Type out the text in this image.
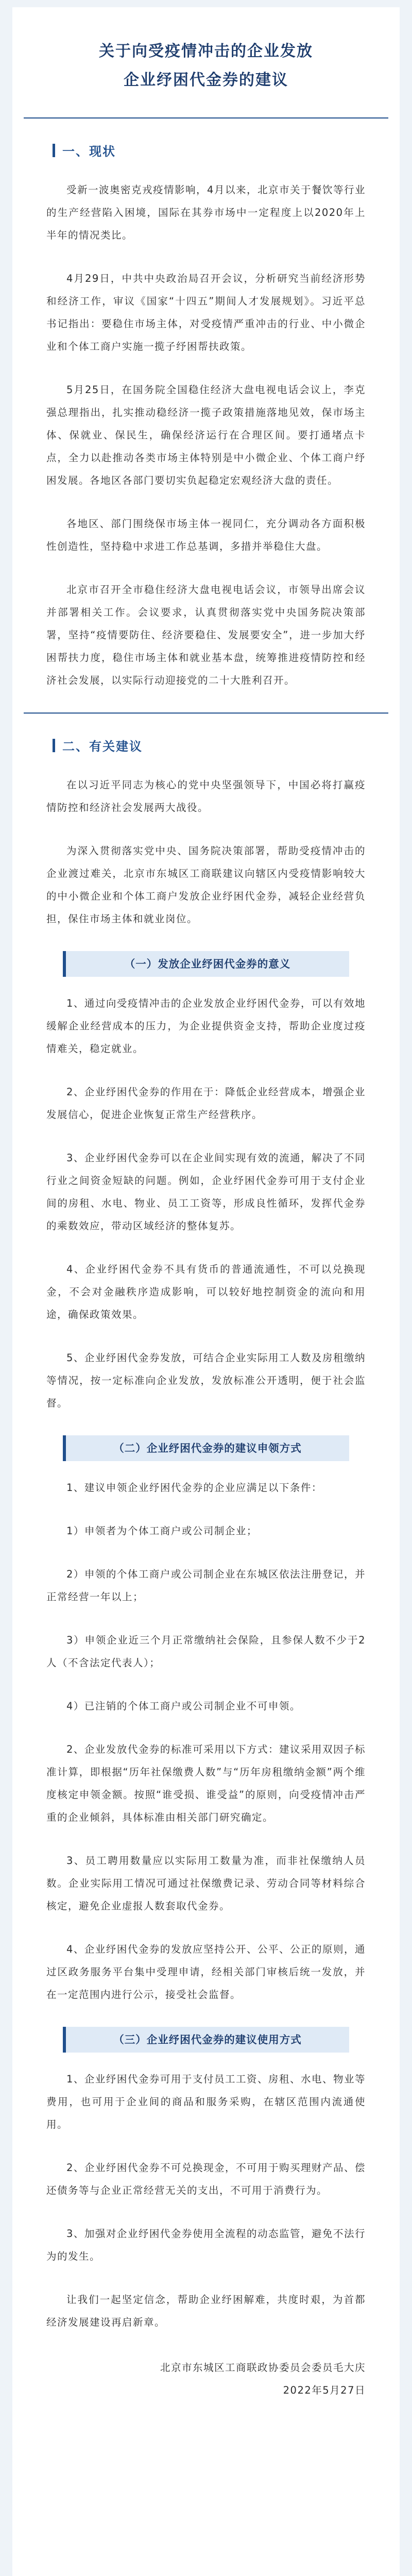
关于向受疫情冲击的企业发放
企业纾困代金券的建议
一、现状

受新一波奥密克戎疫情影响，4月以来，北京市关于餐饮等行业的生产经营陷入困境，国际在其券市场中一定程度上以2020年上半年的情况类比。

4月29日，中共中央政治局召开会议，分析研究当前经济形势和经济工作，审议《国家“十四五”期间人才发展规划》。习近平总书记指出：要稳住市场主体，对受疫情严重冲击的行业、中小微企业和个体工商户实施一揽子纾困帮扶政策。

5月25日，在国务院全国稳住经济大盘电视电话会议上，李克强总理指出，扎实推动稳经济一揽子政策措施落地见效，保市场主体、保就业、保民生，确保经济运行在合理区间。要打通堵点卡点，全力以赴推动各类市场主体特别是中小微企业、个体工商户纾困发展。各地区各部门要切实负起稳定宏观经济大盘的责任。

各地区、部门围绕保市场主体一视同仁，充分调动各方面积极性创造性，坚持稳中求进工作总基调，多措并举稳住大盘。

北京市召开全市稳住经济大盘电视电话会议，市领导出席会议并部署相关工作。会议要求，认真贯彻落实党中央国务院决策部署，坚持“疫情要防住、经济要稳住、发展要安全”，进一步加大纾困帮扶力度，稳住市场主体和就业基本盘，统筹推进疫情防控和经济社会发展，以实际行动迎接党的二十大胜利召开。

二、有关建议

在以习近平同志为核心的党中央坚强领导下，中国必将打赢疫情防控和经济社会发展两大战役。

为深入贯彻落实党中央、国务院决策部署，帮助受疫情冲击的企业渡过难关，北京市东城区工商联建议向辖区内受疫情影响较大的中小微企业和个体工商户发放企业纾困代金券，减轻企业经营负担，保住市场主体和就业岗位。

（一）发放企业纾困代金券的意义

1、通过向受疫情冲击的企业发放企业纾困代金券，可以有效地缓解企业经营成本的压力，为企业提供资金支持，帮助企业度过疫情难关，稳定就业。

2、企业纾困代金券的作用在于：降低企业经营成本，增强企业发展信心，促进企业恢复正常生产经营秩序。

3、企业纾困代金券可以在企业间实现有效的流通，解决了不同行业之间资金短缺的问题。例如，企业纾困代金券可用于支付企业间的房租、水电、物业、员工工资等，形成良性循环，发挥代金券的乘数效应，带动区域经济的整体复苏。

4、企业纾困代金券不具有货币的普通流通性，不可以兑换现金，不会对金融秩序造成影响，可以较好地控制资金的流向和用途，确保政策效果。

5、企业纾困代金券发放，可结合企业实际用工人数及房租缴纳等情况，按一定标准向企业发放，发放标准公开透明，便于社会监督。

（二）企业纾困代金券的建议申领方式

1、建议申领企业纾困代金券的企业应满足以下条件：

1）申领者为个体工商户或公司制企业；

2）申领的个体工商户或公司制企业在东城区依法注册登记，并正常经营一年以上；

3）申领企业近三个月正常缴纳社会保险，且参保人数不少于2人（不含法定代表人）；

4）已注销的个体工商户或公司制企业不可申领。

2、企业发放代金券的标准可采用以下方式：建议采用双因子标准计算，即根据“历年社保缴费人数”与“历年房租缴纳金额”两个维度核定申领金额。按照“谁受损、谁受益”的原则，向受疫情冲击严重的企业倾斜，具体标准由相关部门研究确定。

3、员工聘用数量应以实际用工数量为准，而非社保缴纳人员数。企业实际用工情况可通过社保缴费记录、劳动合同等材料综合核定，避免企业虚报人数套取代金券。

4、企业纾困代金券的发放应坚持公开、公平、公正的原则，通过区政务服务平台集中受理申请，经相关部门审核后统一发放，并在一定范围内进行公示，接受社会监督。

（三）企业纾困代金券的建议使用方式

1、企业纾困代金券可用于支付员工工资、房租、水电、物业等费用，也可用于企业间的商品和服务采购，在辖区范围内流通使用。

2、企业纾困代金券不可兑换现金，不可用于购买理财产品、偿还债务等与企业正常经营无关的支出，不可用于消费行为。

3、加强对企业纾困代金券使用全流程的动态监管，避免不法行为的发生。

让我们一起坚定信念，帮助企业纾困解难，共度时艰，为首都经济发展建设再启新章。

北京市东城区工商联政协委员会委员毛大庆
2022年5月27日
